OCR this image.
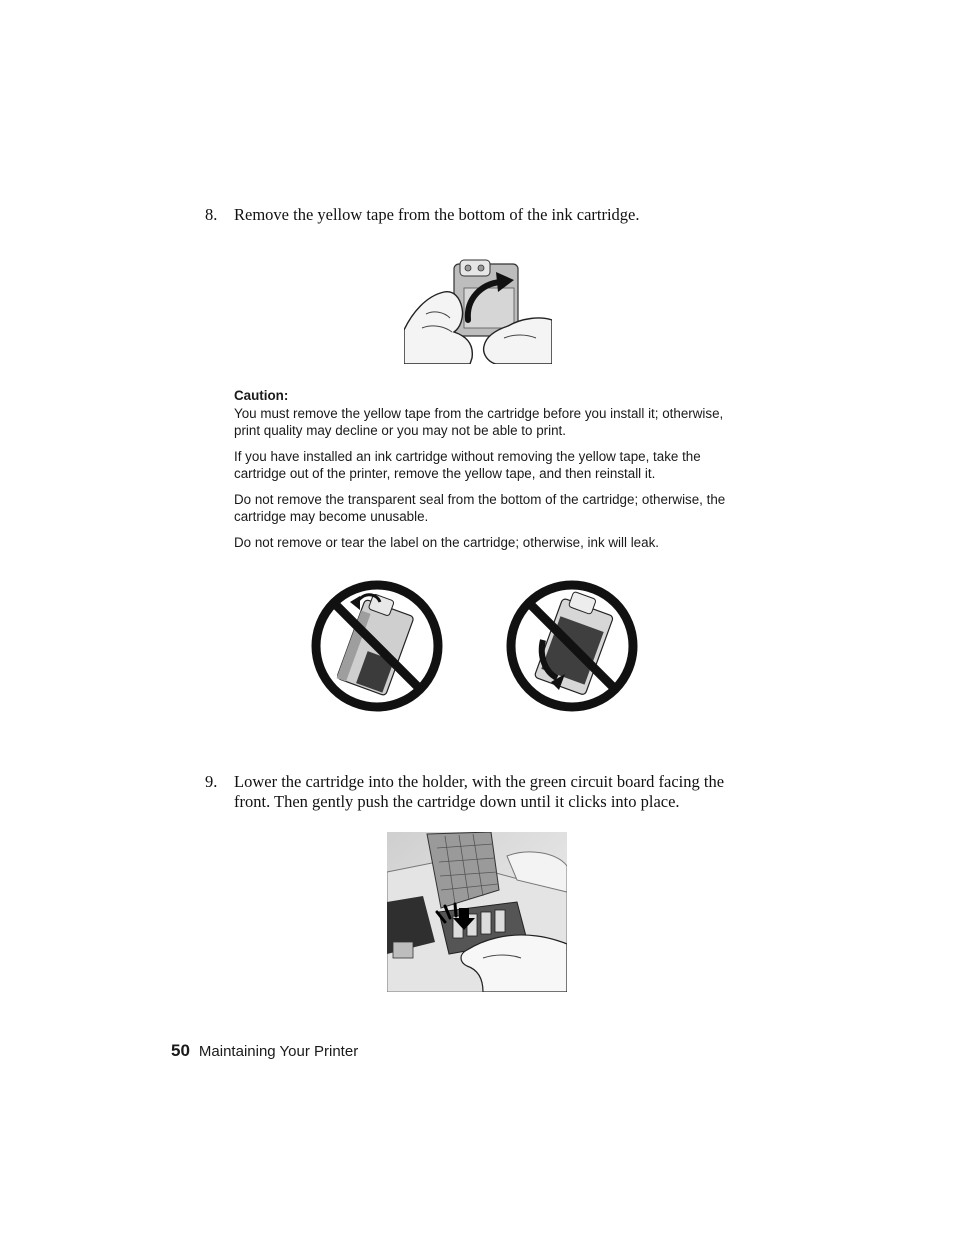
8.	Remove the yellow tape from the bottom of the ink cartridge.
Caution:

You must remove the yellow tape from the cartridge before you install it; otherwise, print quality may decline or you may not be able to print.

If you have installed an ink cartridge without removing the yellow tape, take the cartridge out of the printer, remove the yellow tape, and then reinstall it.

Do not remove the transparent seal from the bottom of the cartridge; otherwise, the cartridge may become unusable.

Do not remove or tear the label on the cartridge; otherwise, ink will leak.

9.	Lower the cartridge into the holder, with the green circuit board facing the front. Then gently push the cartridge down until it clicks into place.
50 Maintaining Your Printer
